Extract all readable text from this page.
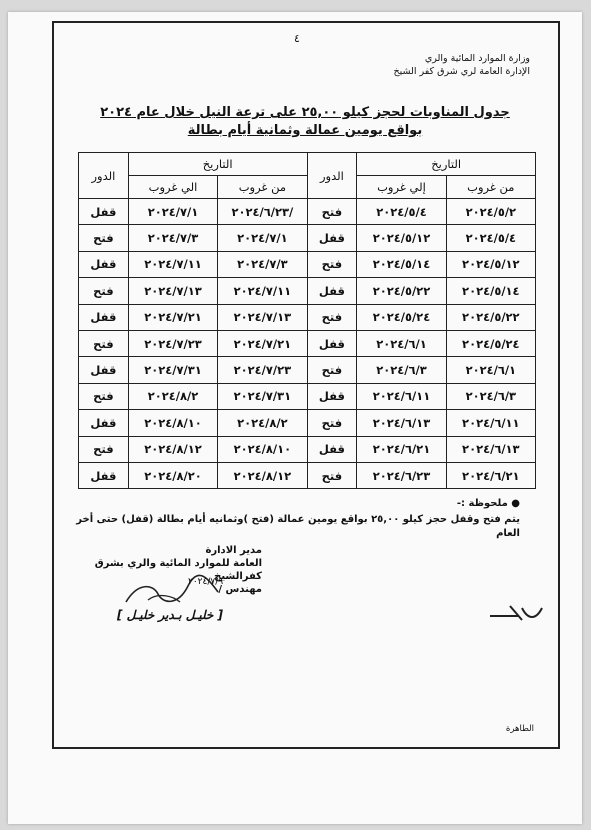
٤
وزارة الموارد المائية والري
الإدارة العامة لري شرق كفر الشيخ
جدول المناوبات لحجز كيلو ٢٥,٠٠ على ترعة النيل خلال عام ٢٠٢٤
بواقع يومين عمالة وثمانية أيام بطالة
التاريخ		الدور	التاريخ		الدور
من غروب	إلي غروب		من غروب	الي غروب	
٢٠٢٤/٥/٢	٢٠٢٤/٥/٤	فتح	/٢٠٢٤/٦/٢٣	٢٠٢٤/٧/١	قفل
٢٠٢٤/٥/٤	٢٠٢٤/٥/١٢	قفل	٢٠٢٤/٧/١	٢٠٢٤/٧/٣	فتح
٢٠٢٤/٥/١٢	٢٠٢٤/٥/١٤	فتح	٢٠٢٤/٧/٣	٢٠٢٤/٧/١١	قفل
٢٠٢٤/٥/١٤	٢٠٢٤/٥/٢٢	قفل	٢٠٢٤/٧/١١	٢٠٢٤/٧/١٣	فتح
٢٠٢٤/٥/٢٢	٢٠٢٤/٥/٢٤	فتح	٢٠٢٤/٧/١٣	٢٠٢٤/٧/٢١	قفل
٢٠٢٤/٥/٢٤	٢٠٢٤/٦/١	قفل	٢٠٢٤/٧/٢١	٢٠٢٤/٧/٢٣	فتح
٢٠٢٤/٦/١	٢٠٢٤/٦/٣	فتح	٢٠٢٤/٧/٢٣	٢٠٢٤/٧/٣١	قفل
٢٠٢٤/٦/٣	٢٠٢٤/٦/١١	قفل	٢٠٢٤/٧/٣١	٢٠٢٤/٨/٢	فتح
٢٠٢٤/٦/١١	٢٠٢٤/٦/١٣	فتح	٢٠٢٤/٨/٢	٢٠٢٤/٨/١٠	قفل
٢٠٢٤/٦/١٣	٢٠٢٤/٦/٢١	قفل	٢٠٢٤/٨/١٠	٢٠٢٤/٨/١٢	فتح
٢٠٢٤/٦/٢١	٢٠٢٤/٦/٢٣	فتح	٢٠٢٤/٨/١٢	٢٠٢٤/٨/٢٠	قفل
● ملحوظة :-
يتم فتح وقفل حجز كيلو ٢٥,٠٠ بواقع يومين عمالة (فتح )وثمانيه أيام بطالة (قفل) حتى أخر العام
مدير الادارة
العامة للموارد المائية والري بشرق كفرالشيخ
مهندس /
٢٠٢٤/٧/٩
[ خليـل بـدير خليـل ]
الطاهرة
